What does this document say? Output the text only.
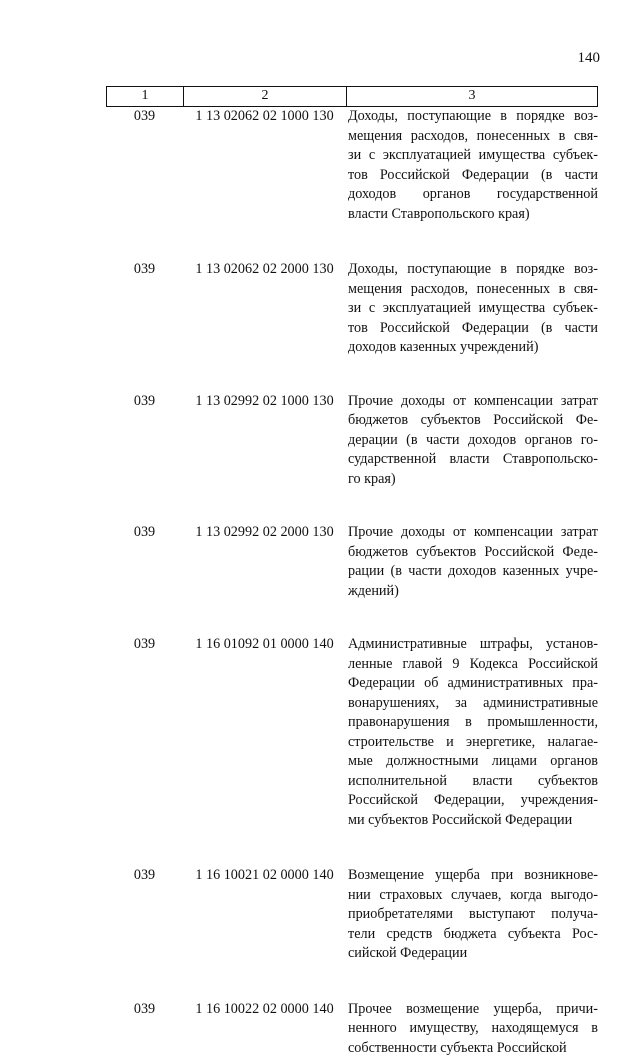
140
1	2	3
039	1 13 02062 02 1000 130	Доходы, поступающие в порядке воз-
мещения расходов, понесенных в свя-
зи с эксплуатацией имущества субъек-
тов Российской Федерации (в части
доходов органов государственной
власти Ставропольского края)
039	1 13 02062 02 2000 130	Доходы, поступающие в порядке воз-
мещения расходов, понесенных в свя-
зи с эксплуатацией имущества субъек-
тов Российской Федерации (в части
доходов казенных учреждений)
039	1 13 02992 02 1000 130	Прочие доходы от компенсации затрат
бюджетов субъектов Российской Фе-
дерации (в части доходов органов го-
сударственной власти Ставропольско-
го края)
039	1 13 02992 02 2000 130	Прочие доходы от компенсации затрат
бюджетов субъектов Российской Феде-
рации (в части доходов казенных учре-
ждений)
039	1 16 01092 01 0000 140	Административные штрафы, установ-
ленные главой 9 Кодекса Российской
Федерации об административных пра-
вонарушениях, за административные
правонарушения в промышленности,
строительстве и энергетике, налагае-
мые должностными лицами органов
исполнительной власти субъектов
Российской Федерации, учреждения-
ми субъектов Российской Федерации
039	1 16 10021 02 0000 140	Возмещение ущерба при возникнове-
нии страховых случаев, когда выгодо-
приобретателями выступают получа-
тели средств бюджета субъекта Рос-
сийской Федерации
039	1 16 10022 02 0000 140	Прочее возмещение ущерба, причи-
ненного имуществу, находящемуся в
собственности субъекта Российской
